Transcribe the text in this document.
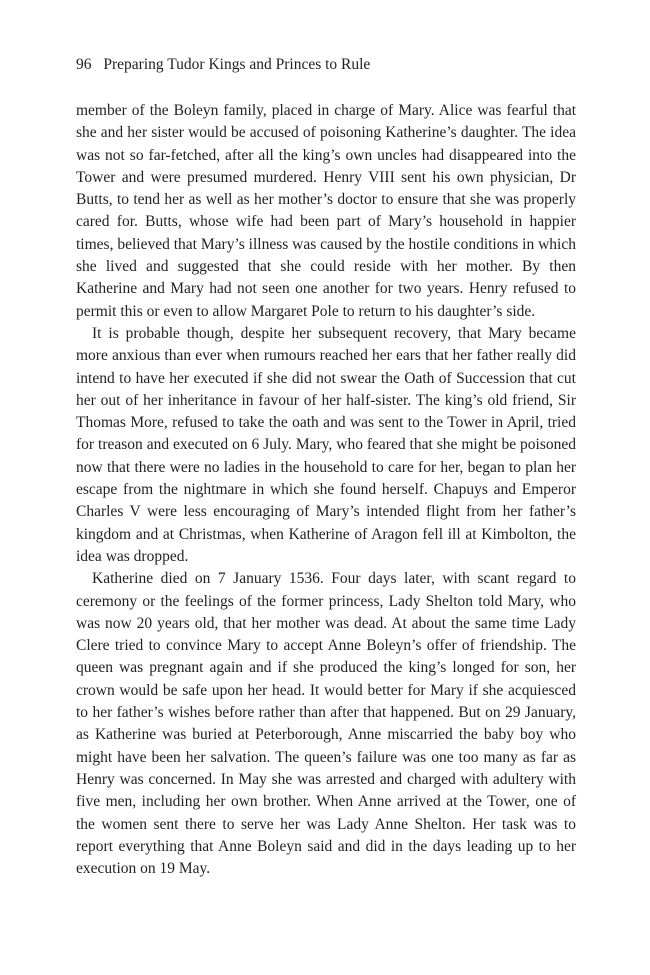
96 Preparing Tudor Kings and Princes to Rule

member of the Boleyn family, placed in charge of Mary. Alice was fearful that she and her sister would be accused of poisoning Katherine’s daughter. The idea was not so far-fetched, after all the king’s own uncles had disappeared into the Tower and were presumed murdered. Henry VIII sent his own physician, Dr Butts, to tend her as well as her mother’s doctor to ensure that she was properly cared for. Butts, whose wife had been part of Mary’s household in happier times, believed that Mary’s illness was caused by the hostile conditions in which she lived and suggested that she could reside with her mother. By then Katherine and Mary had not seen one another for two years. Henry refused to permit this or even to allow Margaret Pole to return to his daughter’s side.

It is probable though, despite her subsequent recovery, that Mary became more anxious than ever when rumours reached her ears that her father really did intend to have her executed if she did not swear the Oath of Succession that cut her out of her inheritance in favour of her half-sister. The king’s old friend, Sir Thomas More, refused to take the oath and was sent to the Tower in April, tried for treason and executed on 6 July. Mary, who feared that she might be poisoned now that there were no ladies in the household to care for her, began to plan her escape from the nightmare in which she found herself. Chapuys and Emperor Charles V were less encouraging of Mary’s intended flight from her father’s kingdom and at Christmas, when Katherine of Aragon fell ill at Kimbolton, the idea was dropped.

Katherine died on 7 January 1536. Four days later, with scant regard to ceremony or the feelings of the former princess, Lady Shelton told Mary, who was now 20 years old, that her mother was dead. At about the same time Lady Clere tried to convince Mary to accept Anne Boleyn’s offer of friendship. The queen was pregnant again and if she produced the king’s longed for son, her crown would be safe upon her head. It would better for Mary if she acquiesced to her father’s wishes before rather than after that happened. But on 29 January, as Katherine was buried at Peterborough, Anne miscarried the baby boy who might have been her salvation. The queen’s failure was one too many as far as Henry was concerned. In May she was arrested and charged with adultery with five men, including her own brother. When Anne arrived at the Tower, one of the women sent there to serve her was Lady Anne Shelton. Her task was to report everything that Anne Boleyn said and did in the days leading up to her execution on 19 May.
